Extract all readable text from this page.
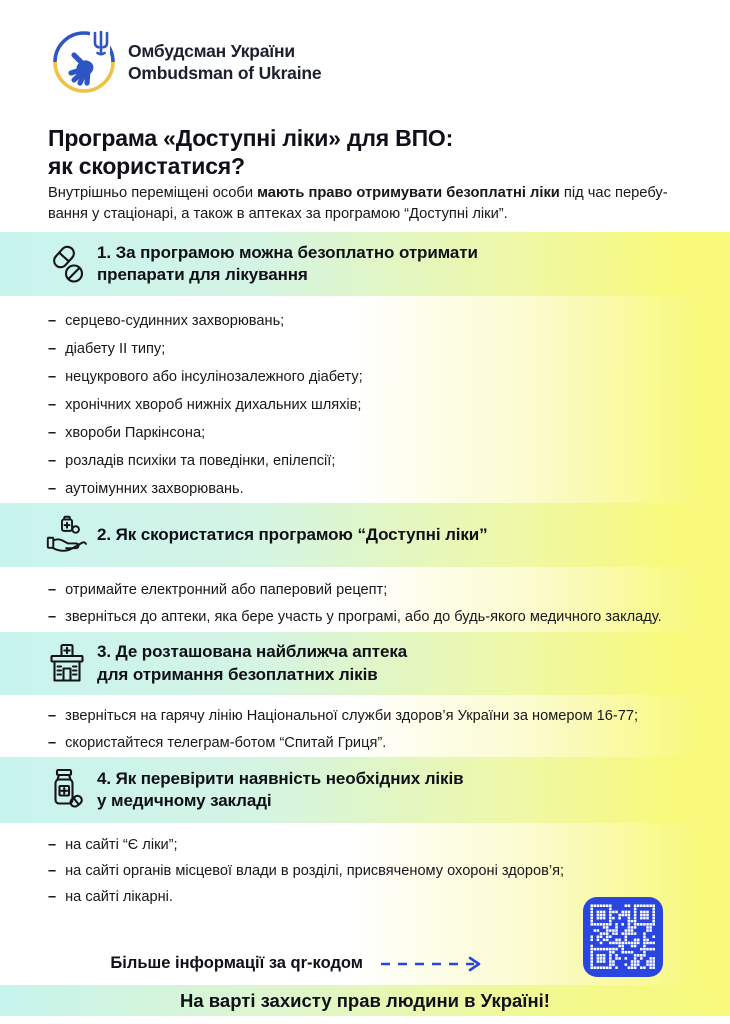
Омбудсман України
Ombudsman of Ukraine
Програма «Доступні ліки» для ВПО:
як скористатися?

Внутрішньо переміщені особи мають право отримувати безоплатні ліки під час перебу-
вання у стаціонарі, а також в аптеках за програмою “Доступні ліки”.

1. За програмою можна безоплатно отримати
препарати для лікування
– серцево-судинних захворювань;
– діабету II типу;
– нецукрового або інсулінозалежного діабету;
– хронічних хвороб нижніх дихальних шляхів;
– хвороби Паркінсона;
– розладів психіки та поведінки, епілепсії;
– аутоімунних захворювань.
2. Як скористатися програмою “Доступні ліки”
– отримайте електронний або паперовий рецепт;
– зверніться до аптеки, яка бере участь у програмі, або до будь-якого медичного закладу.
3. Де розташована найближча аптека
для отримання безоплатних ліків
– зверніться на гарячу лінію Національної служби здоров’я України за номером 16-77;
– скористайтеся телеграм-ботом “Спитай Гриця”.
4. Як перевірити наявність необхідних ліків
у медичному закладі
– на сайті “Є ліки”;
– на сайті органів місцевої влади в розділі, присвяченому охороні здоров’я;
– на сайті лікарні.
Більше інформації за qr-кодом
На варті захисту прав людини в Україні!
